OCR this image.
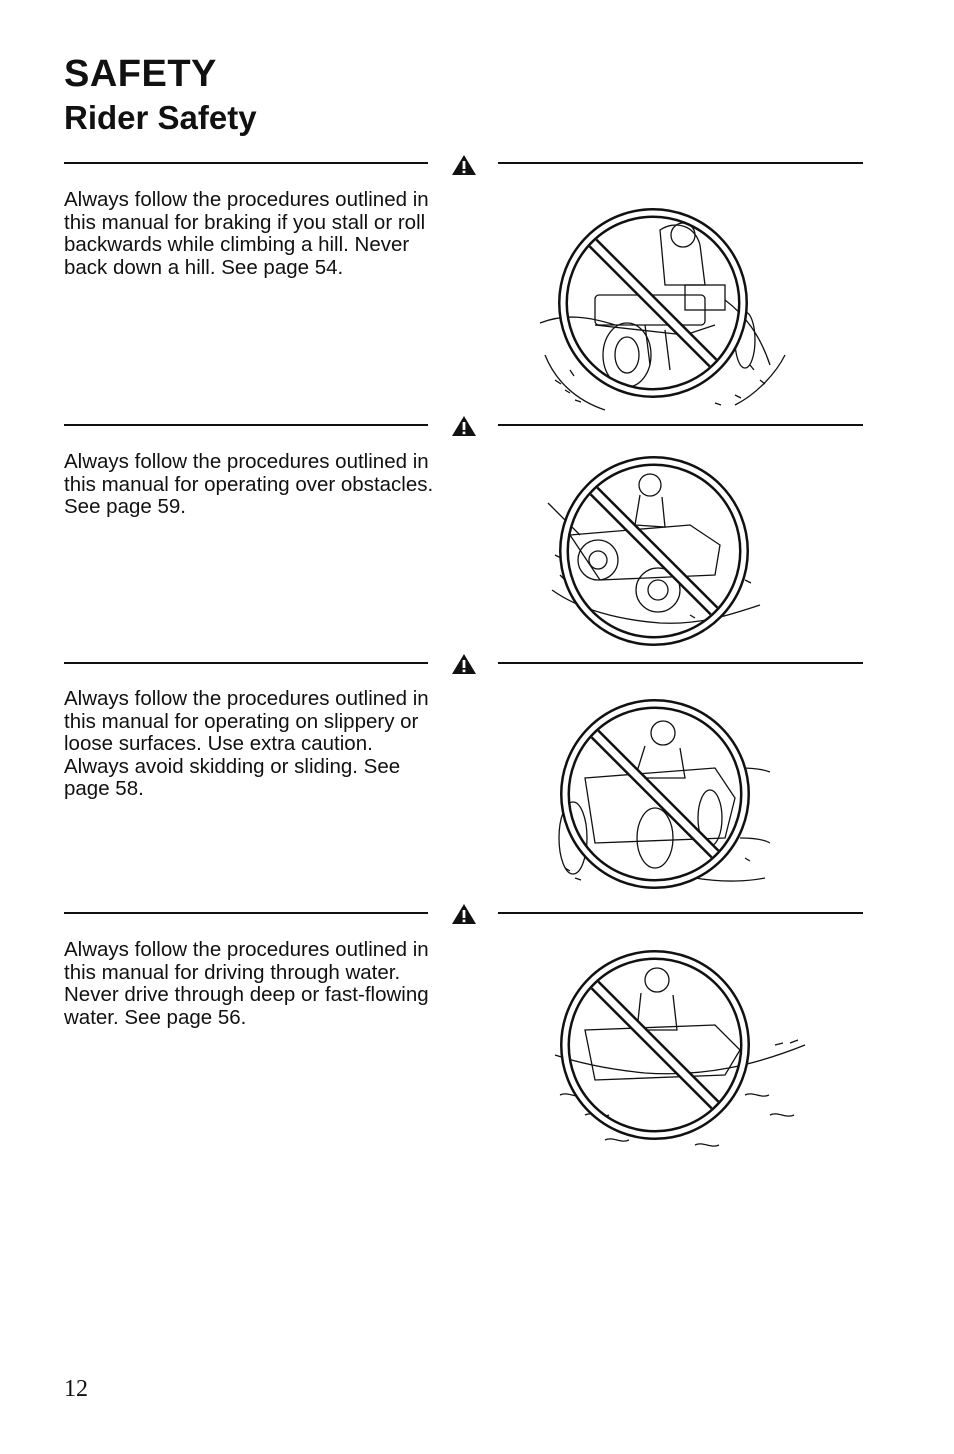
SAFETY
Rider Safety

Always follow the procedures outlined in this manual for braking if you stall or roll backwards while climbing a hill. Never back down a hill. See page 54.

Always follow the procedures outlined in this manual for operating over obstacles. See page 59.

Always follow the procedures outlined in this manual for operating on slippery or loose surfaces. Use extra caution. Always avoid skidding or sliding. See page 58.

Always follow the procedures outlined in this manual for driving through water. Never drive through deep or fast-flowing water. See page 56.

12
